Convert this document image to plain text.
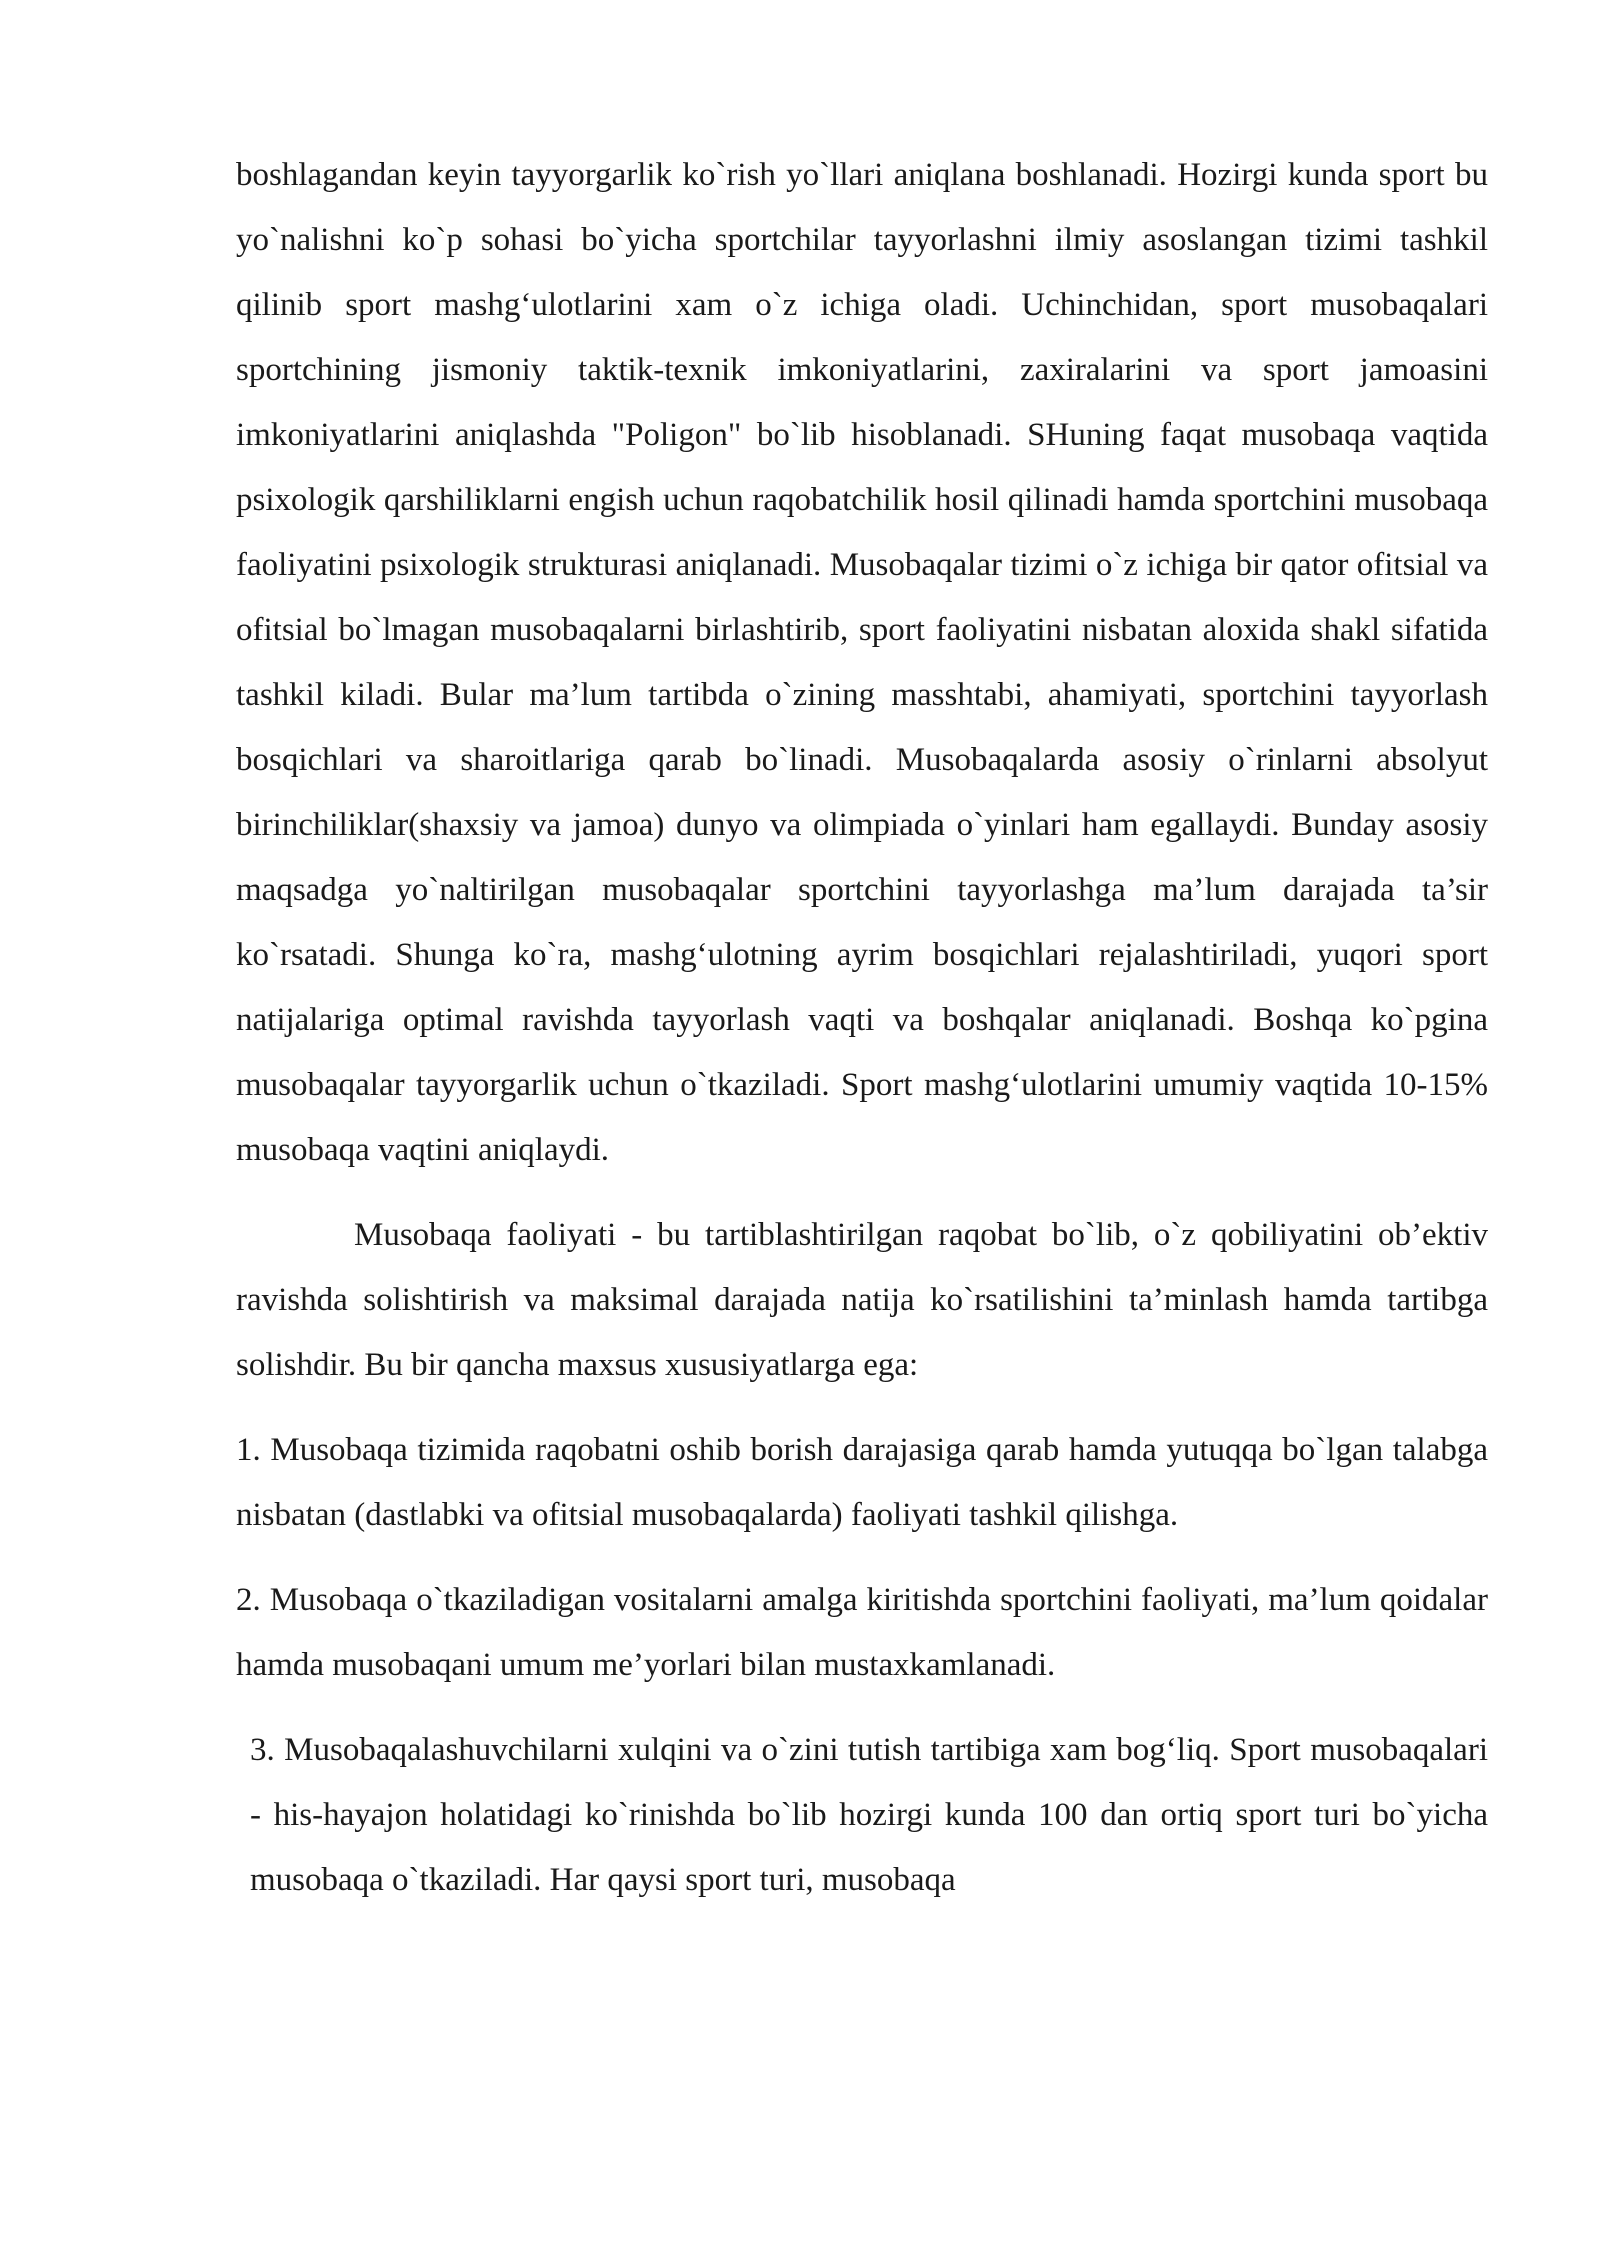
boshlagandan keyin tayyorgarlik ko`rish yo`llari aniqlana boshlanadi. Hozirgi kunda sport bu yo`nalishni ko`p sohasi bo`yicha sportchilar tayyorlashni ilmiy asoslangan tizimi tashkil qilinib sport mashg‘ulotlarini xam o`z ichiga oladi. Uchinchidan, sport musobaqalari sportchining jismoniy taktik-texnik imkoniyatlarini, zaxiralarini va sport jamoasini imkoniyatlarini aniqlashda "Poligon" bo`lib hisoblanadi. SHuning faqat musobaqa vaqtida psixologik qarshiliklarni engish uchun raqobatchilik hosil qilinadi hamda sportchini musobaqa faoliyatini psixologik strukturasi aniqlanadi. Musobaqalar tizimi o`z ichiga bir qator ofitsial va ofitsial bo`lmagan musobaqalarni birlashtirib, sport faoliyatini nisbatan aloxida shakl sifatida tashkil kiladi. Bular ma’lum tartibda o`zining masshtabi, ahamiyati, sportchini tayyorlash bosqichlari va sharoitlariga qarab bo`linadi. Musobaqalarda asosiy o`rinlarni absolyut birinchiliklar(shaxsiy va jamoa) dunyo va olimpiada o`yinlari ham egallaydi. Bunday asosiy maqsadga yo`naltirilgan musobaqalar sportchini tayyorlashga ma’lum darajada ta’sir ko`rsatadi. Shunga ko`ra, mashg‘ulotning ayrim bosqichlari rejalashtiriladi, yuqori sport natijalariga optimal ravishda tayyorlash vaqti va boshqalar aniqlanadi. Boshqa ko`pgina musobaqalar tayyorgarlik uchun o`tkaziladi. Sport mashg‘ulotlarini umumiy vaqtida 10-15% musobaqa vaqtini aniqlaydi.

Musobaqa faoliyati - bu tartiblashtirilgan raqobat bo`lib, o`z qobiliyatini ob’ektiv ravishda solishtirish va maksimal darajada natija ko`rsatilishini ta’minlash hamda tartibga solishdir. Bu bir qancha maxsus xususiyatlarga ega:

1. Musobaqa tizimida raqobatni oshib borish darajasiga qarab hamda yutuqqa bo`lgan talabga nisbatan (dastlabki va ofitsial musobaqalarda) faoliyati tashkil qilishga.

2. Musobaqa o`tkaziladigan vositalarni amalga kiritishda sportchini faoliyati, ma’lum qoidalar hamda musobaqani umum me’yorlari bilan mustaxkamlanadi.

3. Musobaqalashuvchilarni xulqini va o`zini tutish tartibiga xam bog‘liq. Sport musobaqalari - his-hayajon holatidagi ko`rinishda bo`lib hozirgi kunda 100 dan ortiq sport turi bo`yicha musobaqa o`tkaziladi. Har qaysi sport turi, musobaqa
